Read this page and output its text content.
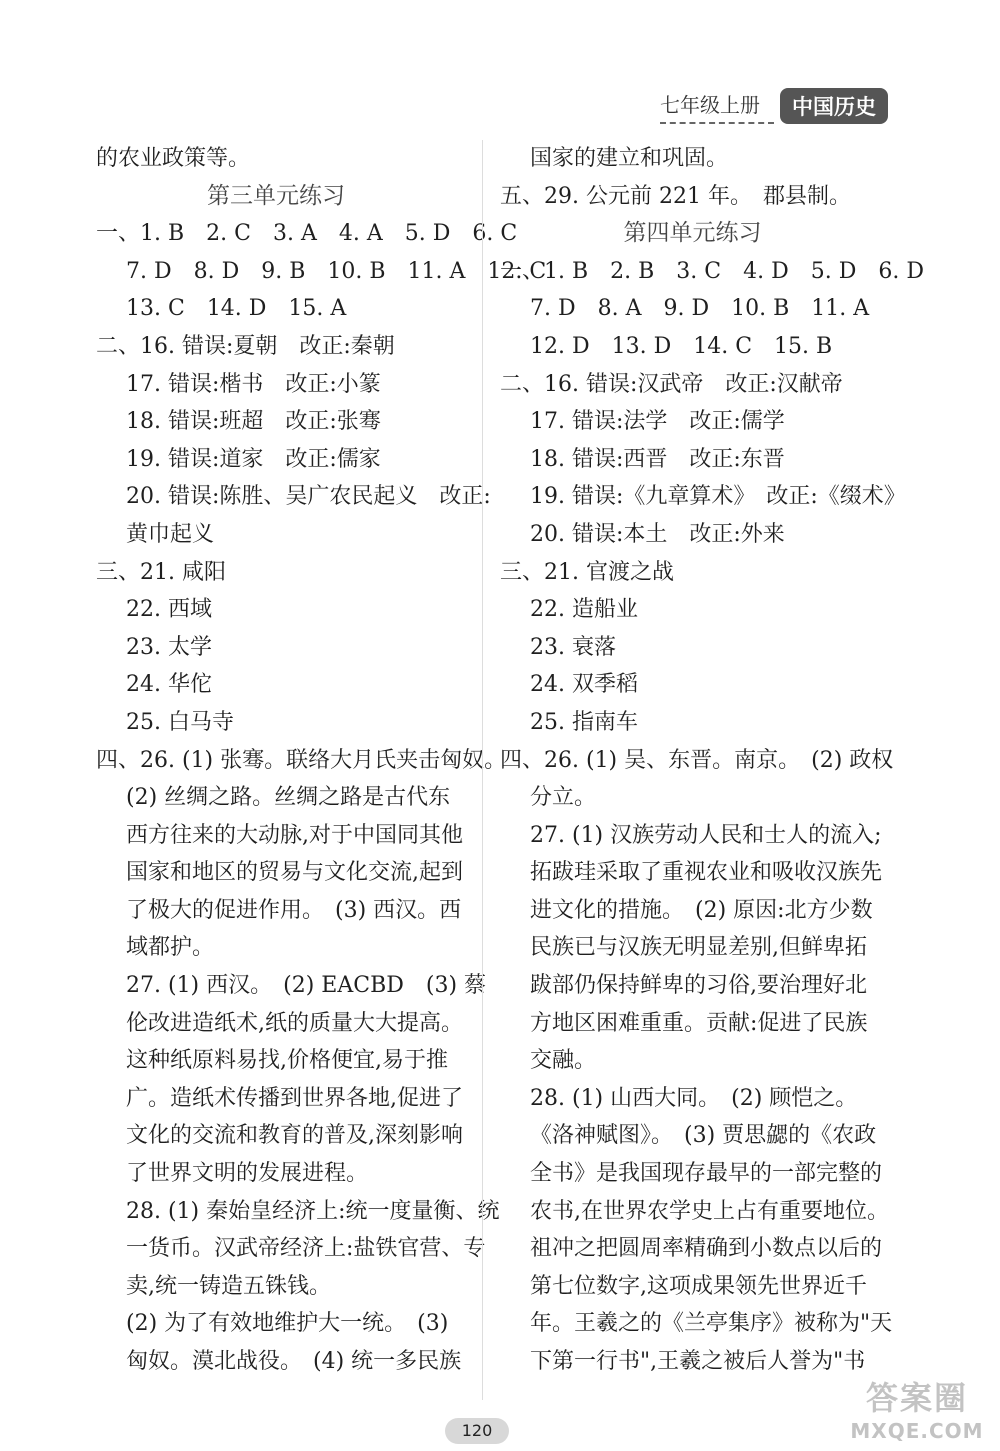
七年级上册	中国历史
的农业政策等。
第三单元练习
一、1. B　2. C　3. A　4. A　5. D　6. C
7. D　8. D　9. B　10. B　11. A　12. C
13. C　14. D　15. A
二、16. 错误:夏朝　改正:秦朝
17. 错误:楷书　改正:小篆
18. 错误:班超　改正:张骞
19. 错误:道家　改正:儒家
20. 错误:陈胜、吴广农民起义　改正:
黄巾起义
三、21. 咸阳
22. 西域
23. 太学
24. 华佗
25. 白马寺
四、26. (1) 张骞。联络大月氏夹击匈奴。
(2) 丝绸之路。丝绸之路是古代东
西方往来的大动脉,对于中国同其他
国家和地区的贸易与文化交流,起到
了极大的促进作用。　(3) 西汉。西
域都护。
27. (1) 西汉。　(2) EACBD　(3) 蔡
伦改进造纸术,纸的质量大大提高。
这种纸原料易找,价格便宜,易于推
广。造纸术传播到世界各地,促进了
文化的交流和教育的普及,深刻影响
了世界文明的发展进程。
28. (1) 秦始皇经济上:统一度量衡、统
一货币。汉武帝经济上:盐铁官营、专
卖,统一铸造五铢钱。
(2) 为了有效地维护大一统。　(3)
匈奴。漠北战役。　(4) 统一多民族
国家的建立和巩固。
五、29. 公元前 221 年。　郡县制。
第四单元练习
一、1. B　2. B　3. C　4. D　5. D　6. D
7. D　8. A　9. D　10. B　11. A
12. D　13. D　14. C　15. B
二、16. 错误:汉武帝　改正:汉献帝
17. 错误:法学　改正:儒学
18. 错误:西晋　改正:东晋
19. 错误:《九章算术》　改正:《缀术》
20. 错误:本土　改正:外来
三、21. 官渡之战
22. 造船业
23. 衰落
24. 双季稻
25. 指南车
四、26. (1) 吴、东晋。南京。　(2) 政权
分立。
27. (1) 汉族劳动人民和士人的流入;
拓跋珪采取了重视农业和吸收汉族先
进文化的措施。　(2) 原因:北方少数
民族已与汉族无明显差别,但鲜卑拓
跋部仍保持鲜卑的习俗,要治理好北
方地区困难重重。贡献:促进了民族
交融。
28. (1) 山西大同。　(2) 顾恺之。
《洛神赋图》。　(3) 贾思勰的《农政
全书》是我国现存最早的一部完整的
农书,在世界农学史上占有重要地位。
祖冲之把圆周率精确到小数点以后的
第七位数字,这项成果领先世界近千
年。王羲之的《兰亭集序》被称为"天
下第一行书",王羲之被后人誉为"书
120
答案圈
MXQE.COM
